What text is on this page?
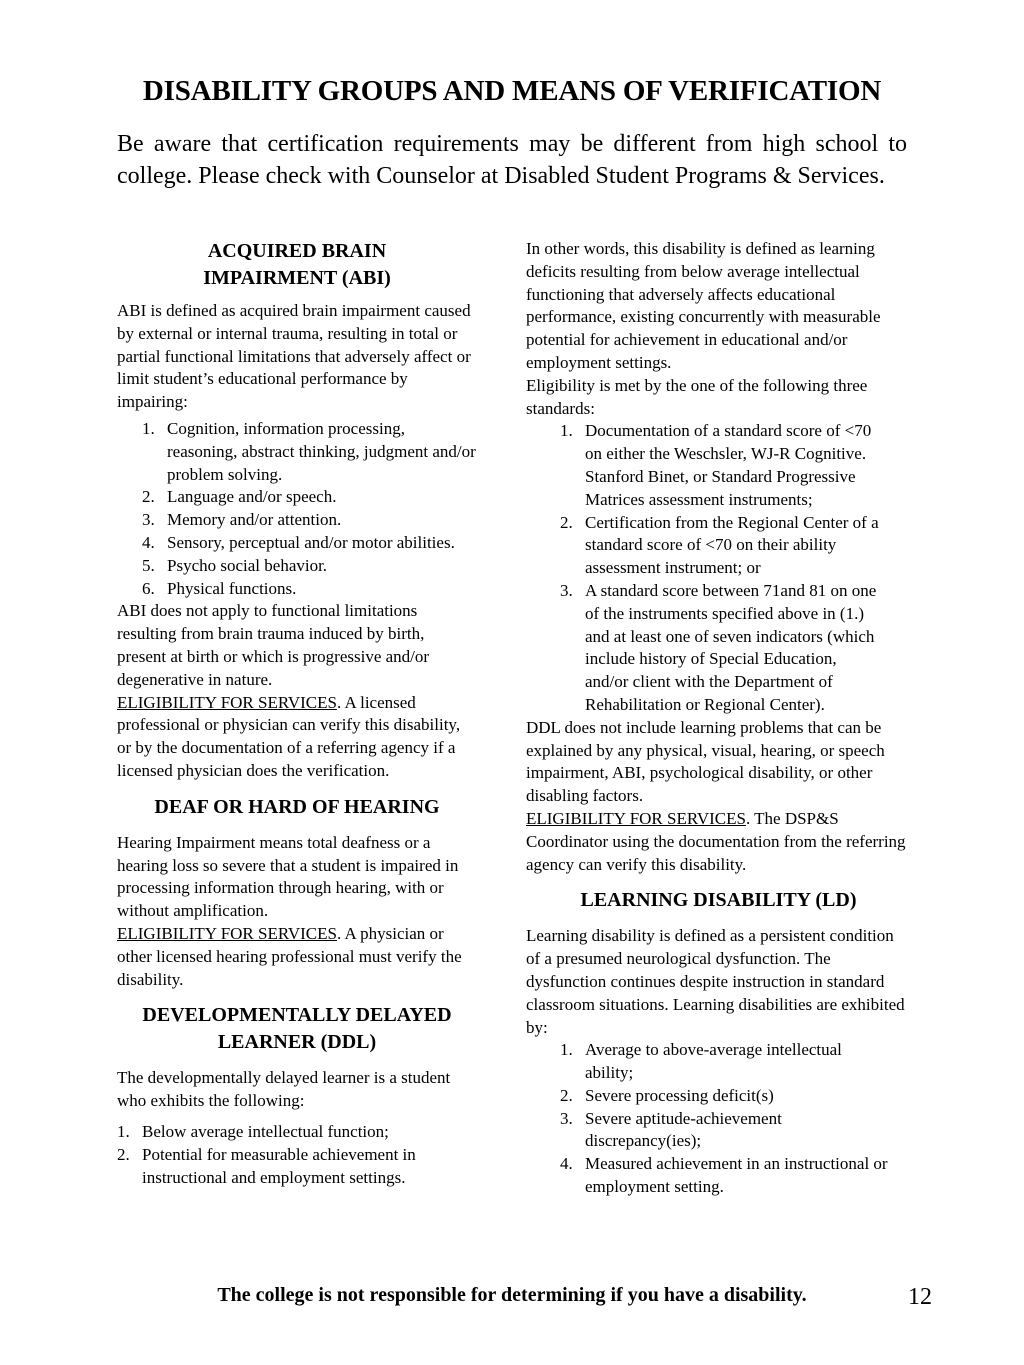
DISABILITY GROUPS AND MEANS OF VERIFICATION
Be aware that certification requirements may be different from high school to college. Please check with Counselor at Disabled Student Programs & Services.
ACQUIRED BRAIN
IMPAIRMENT (ABI)

ABI is defined as acquired brain impairment caused by external or internal trauma, resulting in total or partial functional limitations that adversely affect or limit student’s educational performance by impairing:

1. Cognition, information processing, reasoning, abstract thinking, judgment and/or problem solving.
2. Language and/or speech.
3. Memory and/or attention.
4. Sensory, perceptual and/or motor abilities.
5. Psycho social behavior.
6. Physical functions.

ABI does not apply to functional limitations resulting from brain trauma induced by birth, present at birth or which is progressive and/or degenerative in nature.

ELIGIBILITY FOR SERVICES. A licensed professional or physician can verify this disability, or by the documentation of a referring agency if a licensed physician does the verification.

DEAF OR HARD OF HEARING

Hearing Impairment means total deafness or a hearing loss so severe that a student is impaired in processing information through hearing, with or without amplification.

ELIGIBILITY FOR SERVICES. A physician or other licensed hearing professional must verify the disability.

DEVELOPMENTALLY DELAYED
LEARNER (DDL)

The developmentally delayed learner is a student who exhibits the following:

1. Below average intellectual function;
2. Potential for measurable achievement in instructional and employment settings.

In other words, this disability is defined as learning deficits resulting from below average intellectual functioning that adversely affects educational performance, existing concurrently with measurable potential for achievement in educational and/or employment settings.

Eligibility is met by the one of the following three standards:

1. Documentation of a standard score of <70 on either the Weschsler, WJ-R Cognitive. Stanford Binet, or Standard Progressive Matrices assessment instruments;
2. Certification from the Regional Center of a standard score of <70 on their ability assessment instrument; or
3. A standard score between 71and 81 on one of the instruments specified above in (1.) and at least one of seven indicators (which include history of Special Education, and/or client with the Department of Rehabilitation or Regional Center).

DDL does not include learning problems that can be explained by any physical, visual, hearing, or speech impairment, ABI, psychological disability, or other disabling factors.

ELIGIBILITY FOR SERVICES. The DSP&S Coordinator using the documentation from the referring agency can verify this disability.

LEARNING DISABILITY (LD)

Learning disability is defined as a persistent condition of a presumed neurological dysfunction. The dysfunction continues despite instruction in standard classroom situations. Learning disabilities are exhibited by:

1. Average to above-average intellectual ability;
2. Severe processing deficit(s)
3. Severe aptitude-achievement discrepancy(ies);
4. Measured achievement in an instructional or employment setting.
The college is not responsible for determining if you have a disability.	12
